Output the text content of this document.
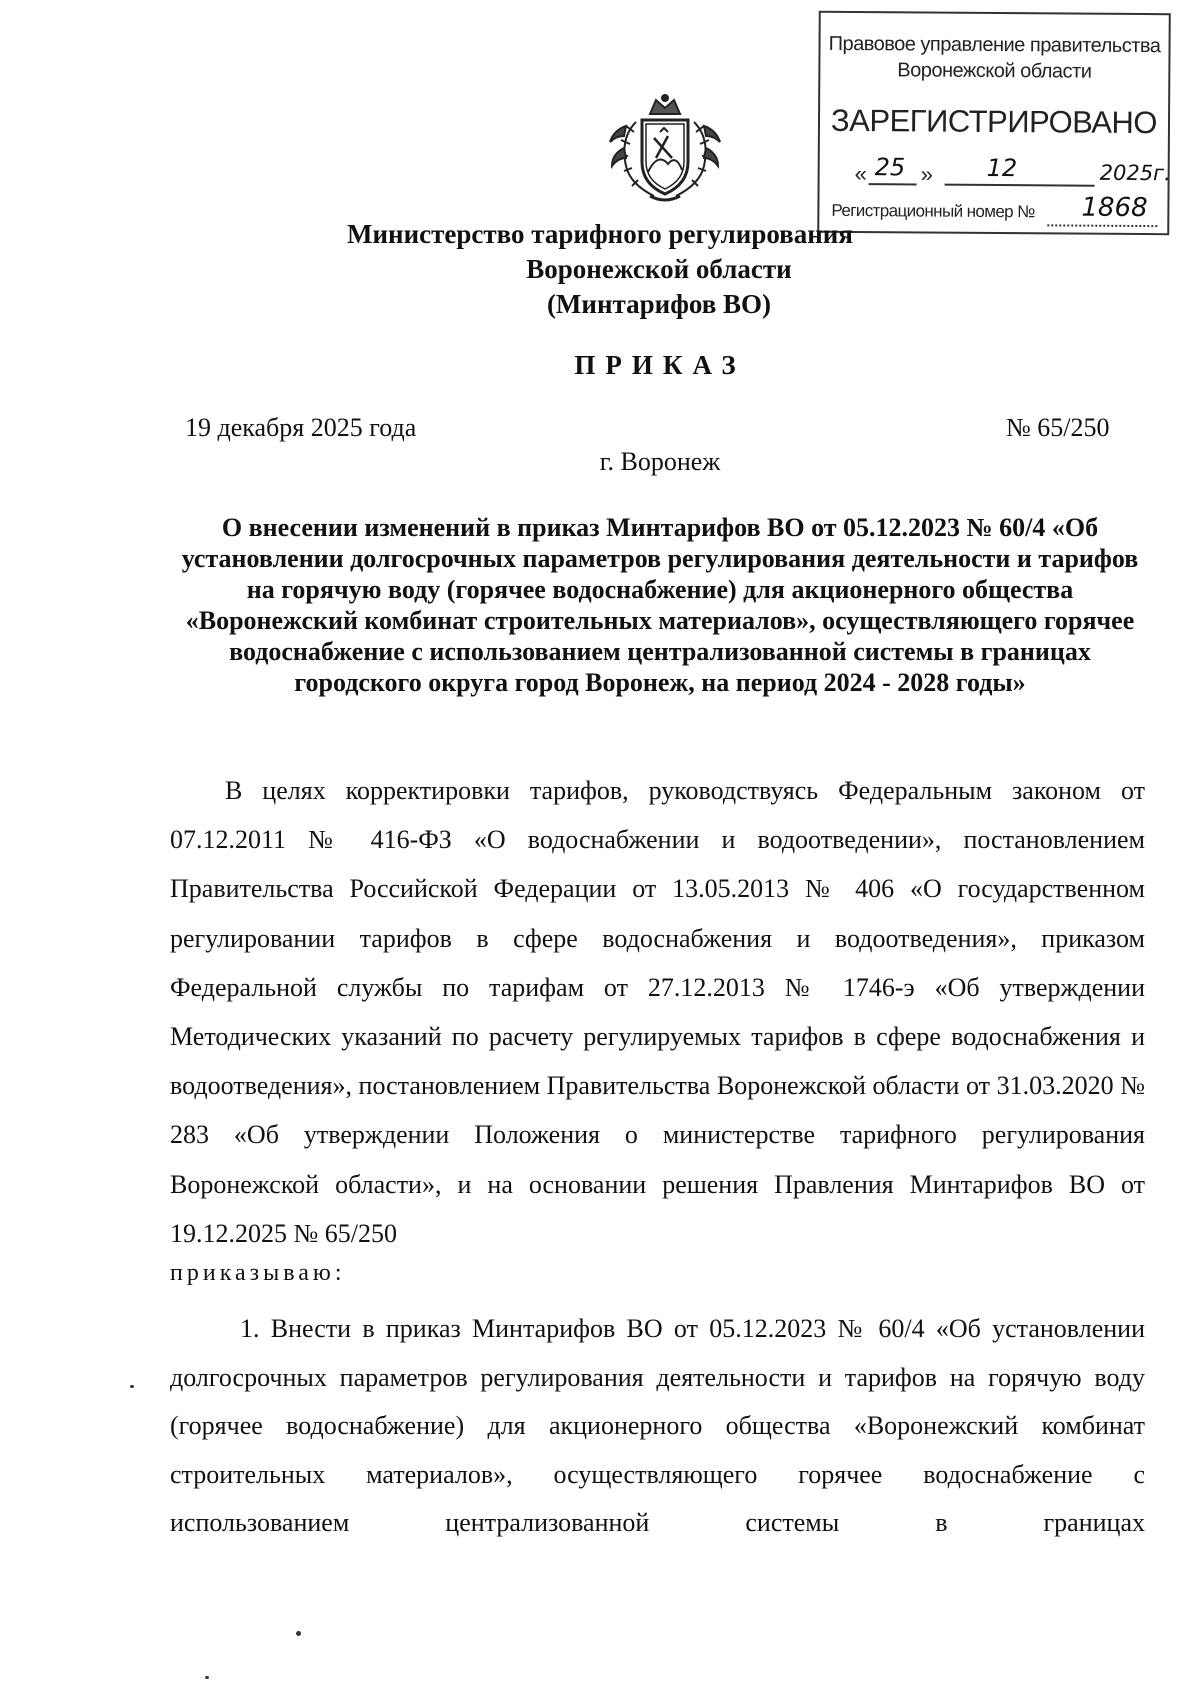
Правовое управление правительства
Воронежской области
ЗАРЕГИСТРИРОВАНО
« 25 » 12	2025г.
Регистрационный номер № 1868
Министерство тарифного регулирования
Воронежской области
(Минтарифов ВО)
ПРИКАЗ
19 декабря 2025 года	№ 65/250
г. Воронеж
О внесении изменений в приказ Минтарифов ВО от 05.12.2023 № 60/4 «Об установлении долгосрочных параметров регулирования деятельности и тарифов на горячую воду (горячее водоснабжение) для акционерного общества «Воронежский комбинат строительных материалов», осуществляющего горячее водоснабжение с использованием централизованной системы в границах городского округа город Воронеж, на период 2024 - 2028 годы»
В целях корректировки тарифов, руководствуясь Федеральным законом от 07.12.2011 № 416-ФЗ «О водоснабжении и водоотведении», постановлением Правительства Российской Федерации от 13.05.2013 № 406 «О государственном регулировании тарифов в сфере водоснабжения и водоотведения», приказом Федеральной службы по тарифам от 27.12.2013 № 1746-э «Об утверждении Методических указаний по расчету регулируемых тарифов в сфере водоснабжения и водоотведения», постановлением Правительства Воронежской области от 31.03.2020 № 283 «Об утверждении Положения о министерстве тарифного регулирования Воронежской области», и на основании решения Правления Минтарифов ВО от 19.12.2025 № 65/250
приказываю:
1. Внести в приказ Минтарифов ВО от 05.12.2023 № 60/4 «Об установлении долгосрочных параметров регулирования деятельности и тарифов на горячую воду (горячее водоснабжение) для акционерного общества «Воронежский комбинат строительных материалов», осуществляющего горячее водоснабжение с использованием централизованной системы в границах
